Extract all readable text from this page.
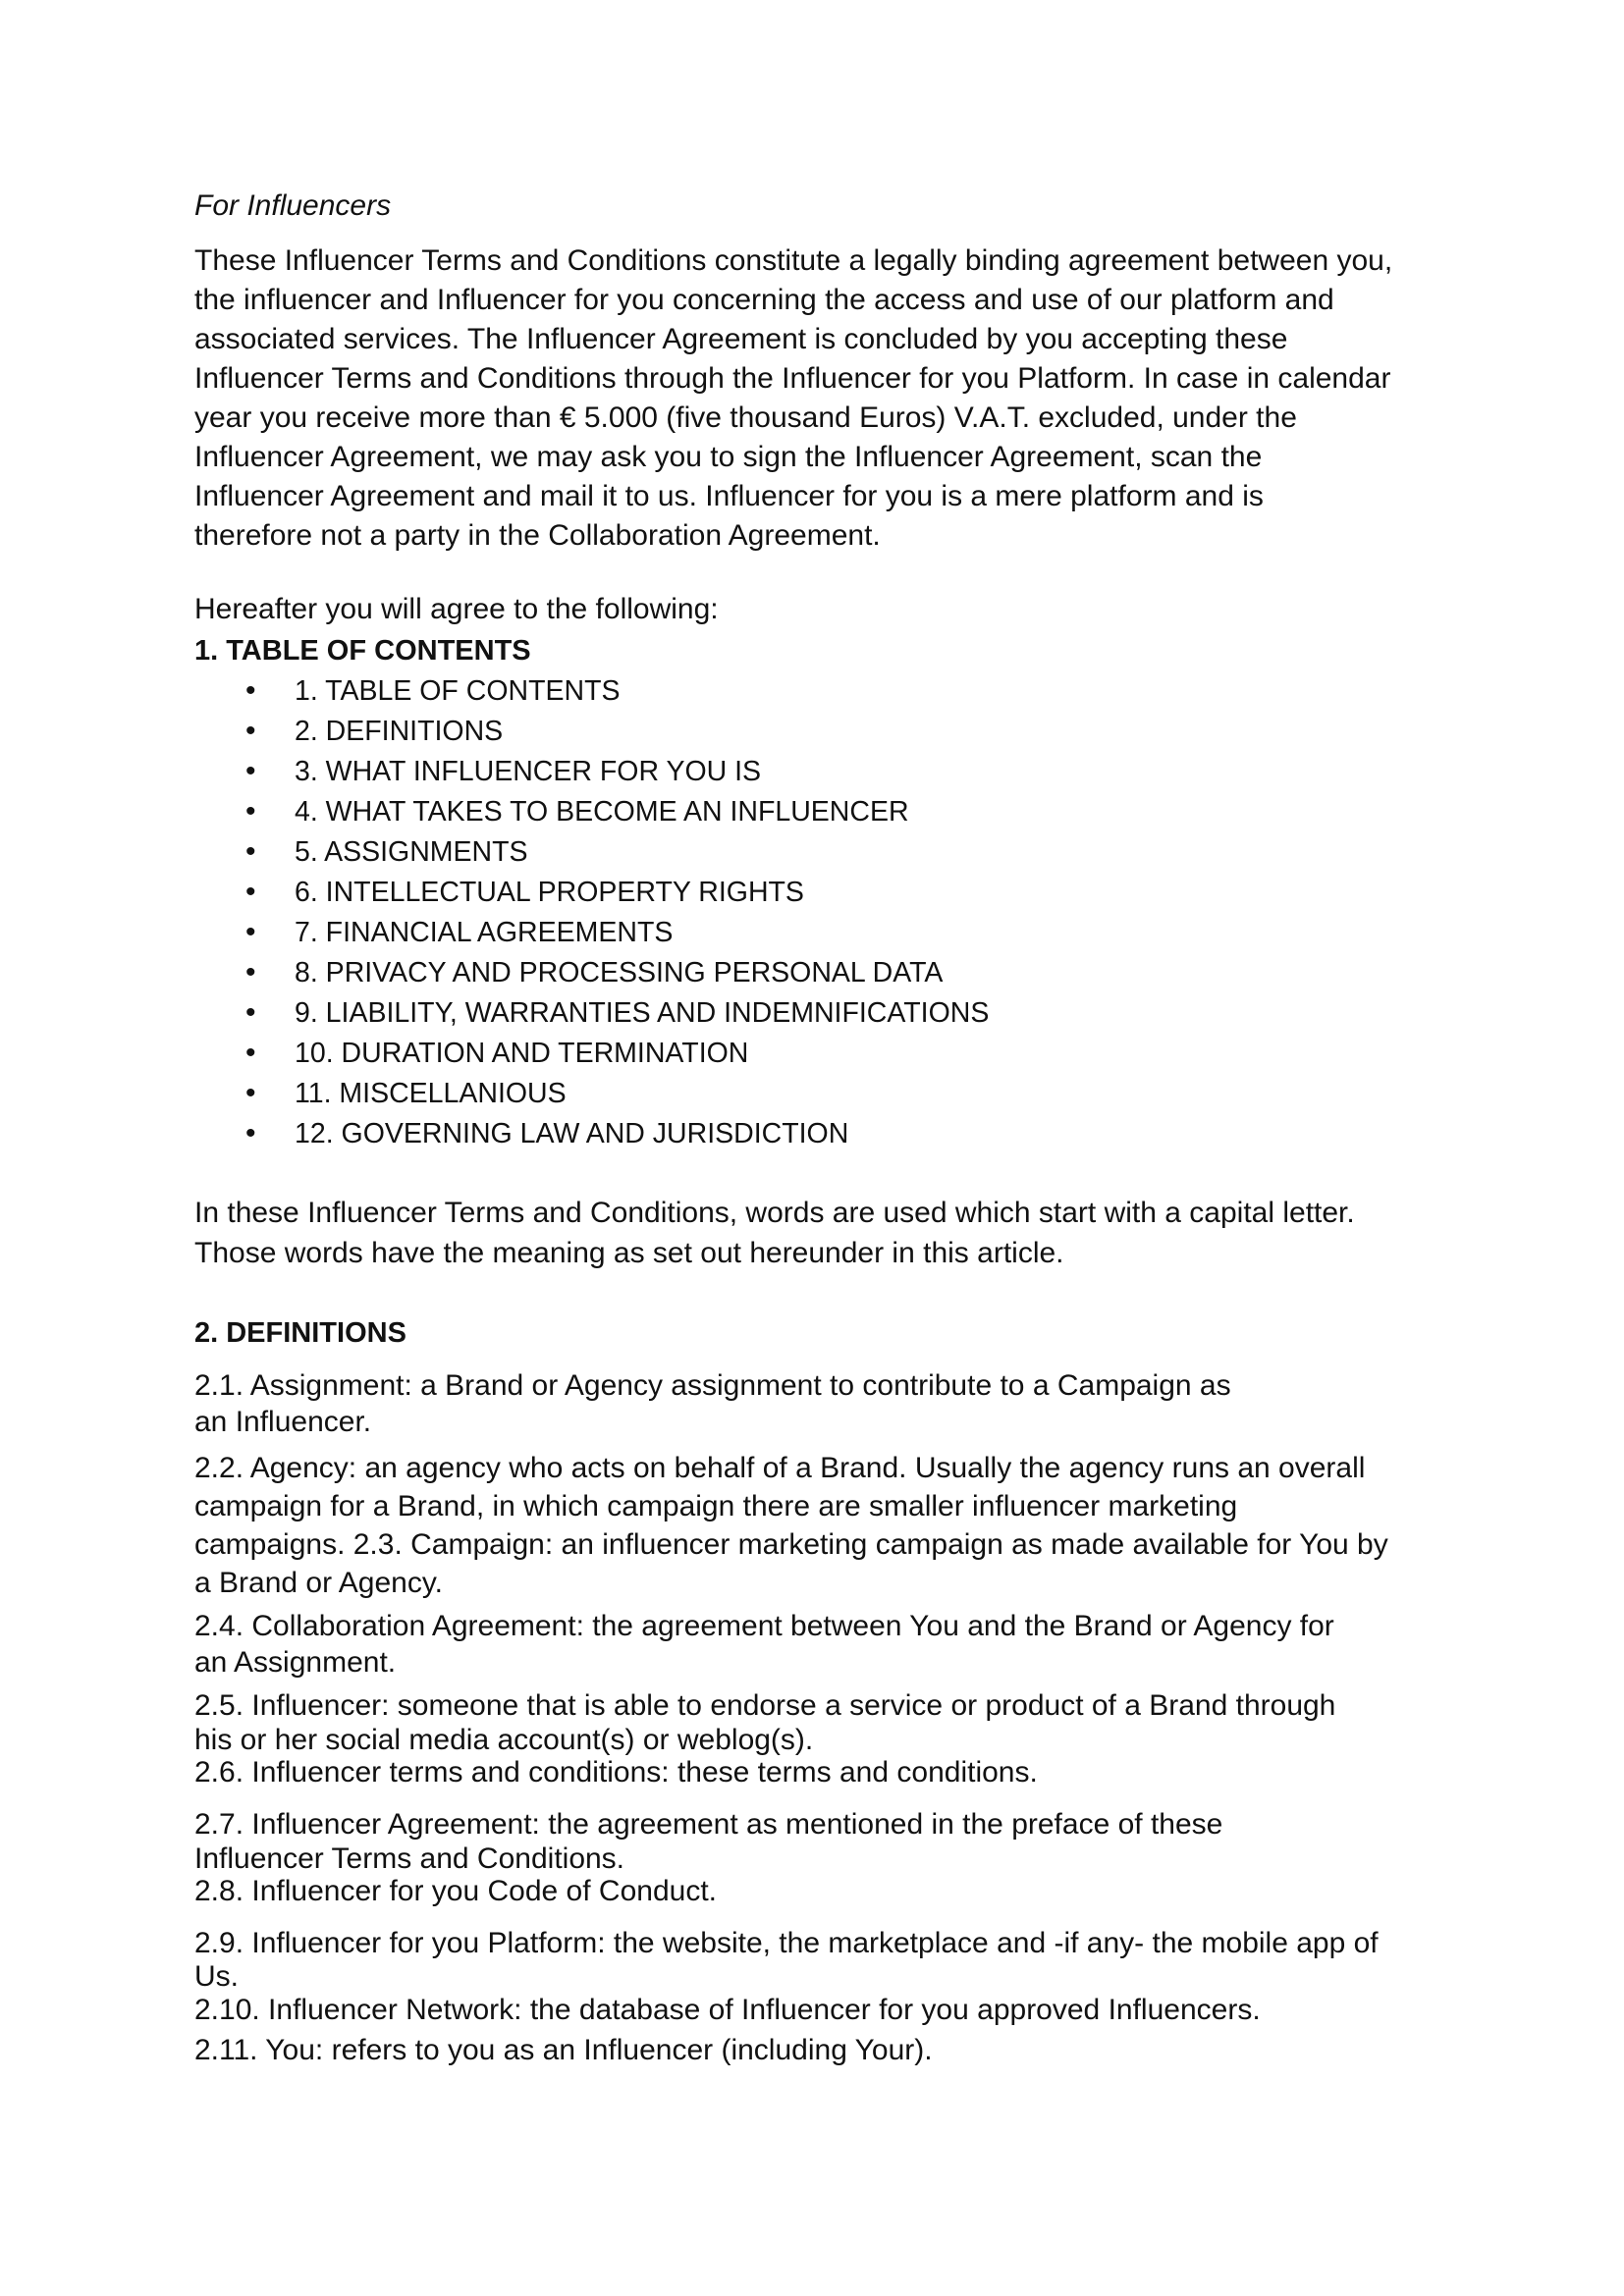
For Influencers

These Influencer Terms and Conditions constitute a legally binding agreement between you,

the influencer and Influencer for you concerning the access and use of our platform and

associated services. The Influencer Agreement is concluded by you accepting these

Influencer Terms and Conditions through the Influencer for you Platform. In case in calendar

year you receive more than € 5.000 (five thousand Euros) V.A.T. excluded, under the

Influencer Agreement, we may ask you to sign the Influencer Agreement, scan the

Influencer Agreement and mail it to us. Influencer for you is a mere platform and is

therefore not a party in the Collaboration Agreement.

Hereafter you will agree to the following:

1. TABLE OF CONTENTS

• 1. TABLE OF CONTENTS
• 2. DEFINITIONS
• 3. WHAT INFLUENCER FOR YOU IS
• 4. WHAT TAKES TO BECOME AN INFLUENCER
• 5. ASSIGNMENTS
• 6. INTELLECTUAL PROPERTY RIGHTS
• 7. FINANCIAL AGREEMENTS
• 8. PRIVACY AND PROCESSING PERSONAL DATA
• 9. LIABILITY, WARRANTIES AND INDEMNIFICATIONS
• 10. DURATION AND TERMINATION
• 11. MISCELLANIOUS
• 12. GOVERNING LAW AND JURISDICTION

In these Influencer Terms and Conditions, words are used which start with a capital letter.

Those words have the meaning as set out hereunder in this article.

2. DEFINITIONS

2.1. Assignment: a Brand or Agency assignment to contribute to a Campaign as

an Influencer.

2.2. Agency: an agency who acts on behalf of a Brand. Usually the agency runs an overall

campaign for a Brand, in which campaign there are smaller influencer marketing

campaigns. 2.3. Campaign: an influencer marketing campaign as made available for You by

a Brand or Agency.

2.4. Collaboration Agreement: the agreement between You and the Brand or Agency for

an Assignment.

2.5. Influencer: someone that is able to endorse a service or product of a Brand through

his or her social media account(s) or weblog(s).

2.6. Influencer terms and conditions: these terms and conditions.

2.7. Influencer Agreement: the agreement as mentioned in the preface of these

Influencer Terms and Conditions.

2.8. Influencer for you Code of Conduct.

2.9. Influencer for you Platform: the website, the marketplace and -if any- the mobile app of

Us.

2.10. Influencer Network: the database of Influencer for you approved Influencers.

2.11. You: refers to you as an Influencer (including Your).
